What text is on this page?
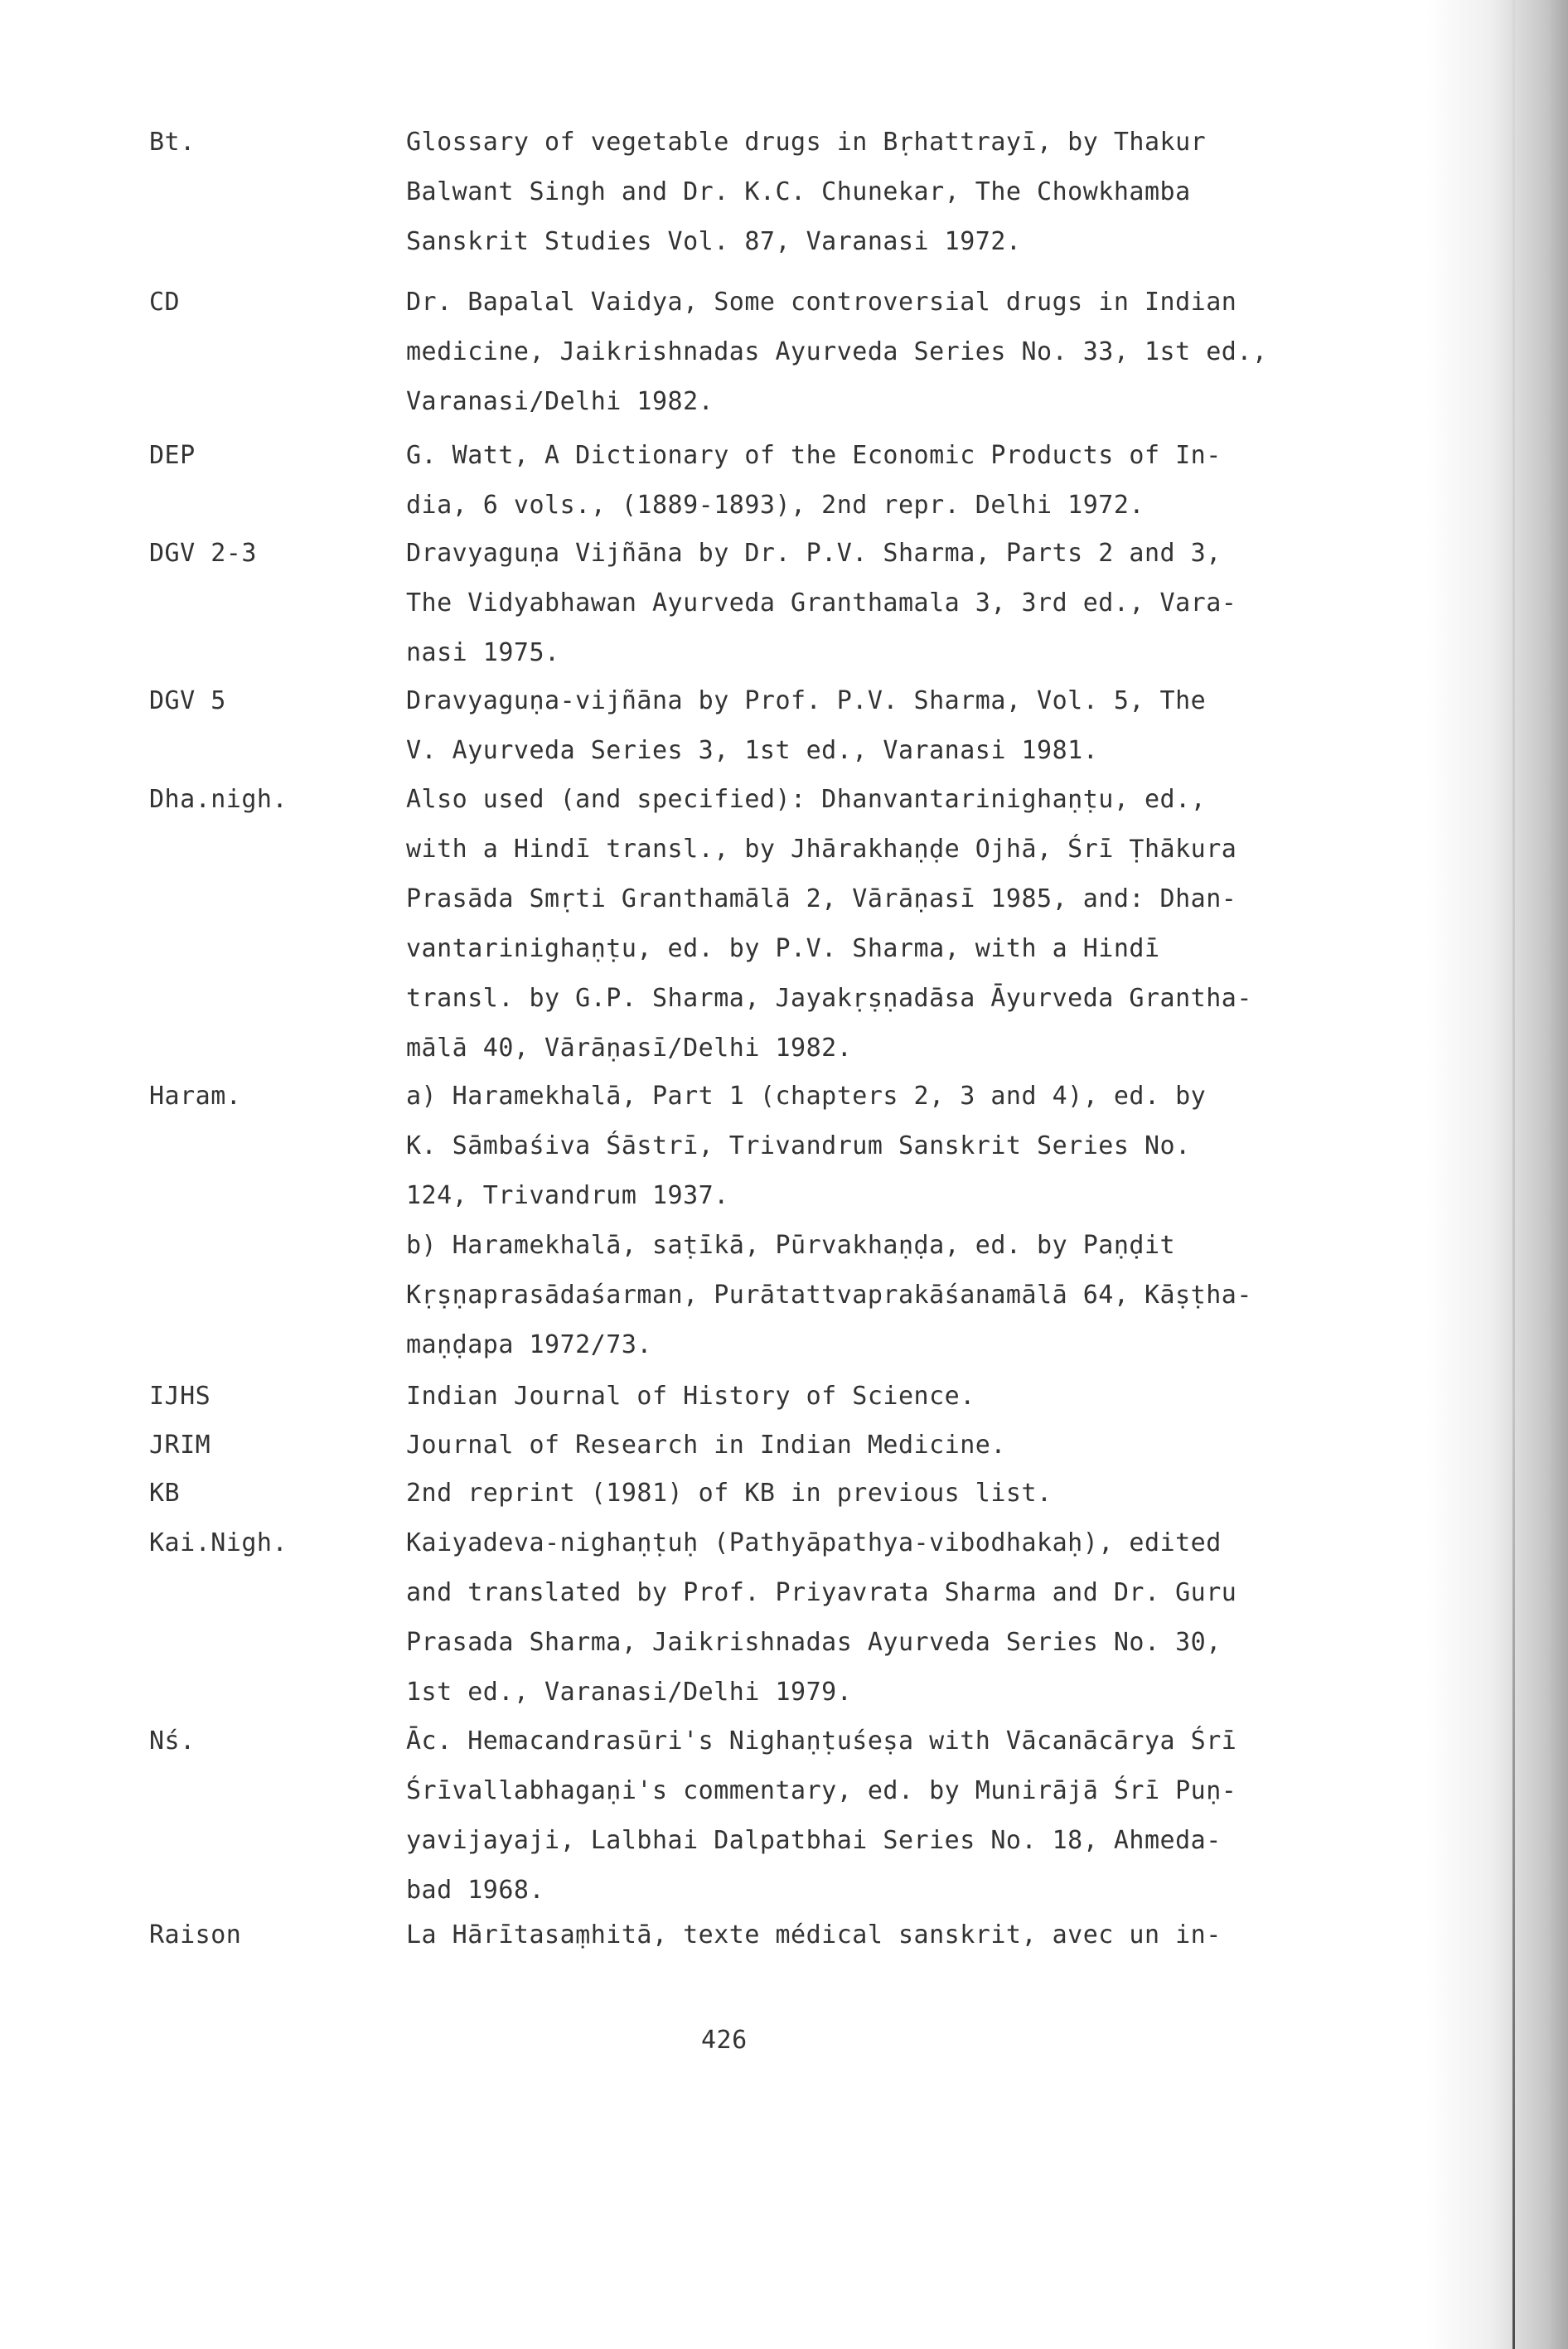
Bt.	Glossary of vegetable drugs in Bṛhattrayī, by Thakur
Balwant Singh and Dr. K.C. Chunekar, The Chowkhamba
Sanskrit Studies Vol. 87, Varanasi 1972.
CD	Dr. Bapalal Vaidya, Some controversial drugs in Indian
medicine, Jaikrishnadas Ayurveda Series No. 33, 1st ed.,
Varanasi/Delhi 1982.
DEP	G. Watt, A Dictionary of the Economic Products of In-
dia, 6 vols., (1889-1893), 2nd repr. Delhi 1972.
DGV 2-3	Dravyaguṇa Vijñāna by Dr. P.V. Sharma, Parts 2 and 3,
The Vidyabhawan Ayurveda Granthamala 3, 3rd ed., Vara-
nasi 1975.
DGV 5	Dravyaguṇa-vijñāna by Prof. P.V. Sharma, Vol. 5, The
V. Ayurveda Series 3, 1st ed., Varanasi 1981.
Dha.nigh.	Also used (and specified): Dhanvantarinighaṇṭu, ed.,
with a Hindī transl., by Jhārakhaṇḍe Ojhā, Śrī Ṭhākura
Prasāda Smṛti Granthamālā 2, Vārāṇasī 1985, and: Dhan-
vantarinighaṇṭu, ed. by P.V. Sharma, with a Hindī
transl. by G.P. Sharma, Jayakṛṣṇadāsa Āyurveda Grantha-
mālā 40, Vārāṇasī/Delhi 1982.
Haram.	a) Haramekhalā, Part 1 (chapters 2, 3 and 4), ed. by
K. Sāmbaśiva Śāstrī, Trivandrum Sanskrit Series No.
124, Trivandrum 1937.
b) Haramekhalā, saṭīkā, Pūrvakhaṇḍa, ed. by Paṇḍit
Kṛṣṇaprasādaśarman, Purātattvaprakāśanamālā 64, Kāṣṭha-
maṇḍapa 1972/73.
IJHS	Indian Journal of History of Science.
JRIM	Journal of Research in Indian Medicine.
KB	2nd reprint (1981) of KB in previous list.
Kai.Nigh.	Kaiyadeva-nighaṇṭuḥ (Pathyāpathya-vibodhakaḥ), edited
and translated by Prof. Priyavrata Sharma and Dr. Guru
Prasada Sharma, Jaikrishnadas Ayurveda Series No. 30,
1st ed., Varanasi/Delhi 1979.
Nś.	Āc. Hemacandrasūri's Nighaṇṭuśeṣa with Vācanācārya Śrī
Śrīvallabhagaṇi's commentary, ed. by Munirājā Śrī Puṇ-
yavijayaji, Lalbhai Dalpatbhai Series No. 18, Ahmeda-
bad 1968.
Raison	La Hārītasaṃhitā, texte médical sanskrit, avec un in-
426
